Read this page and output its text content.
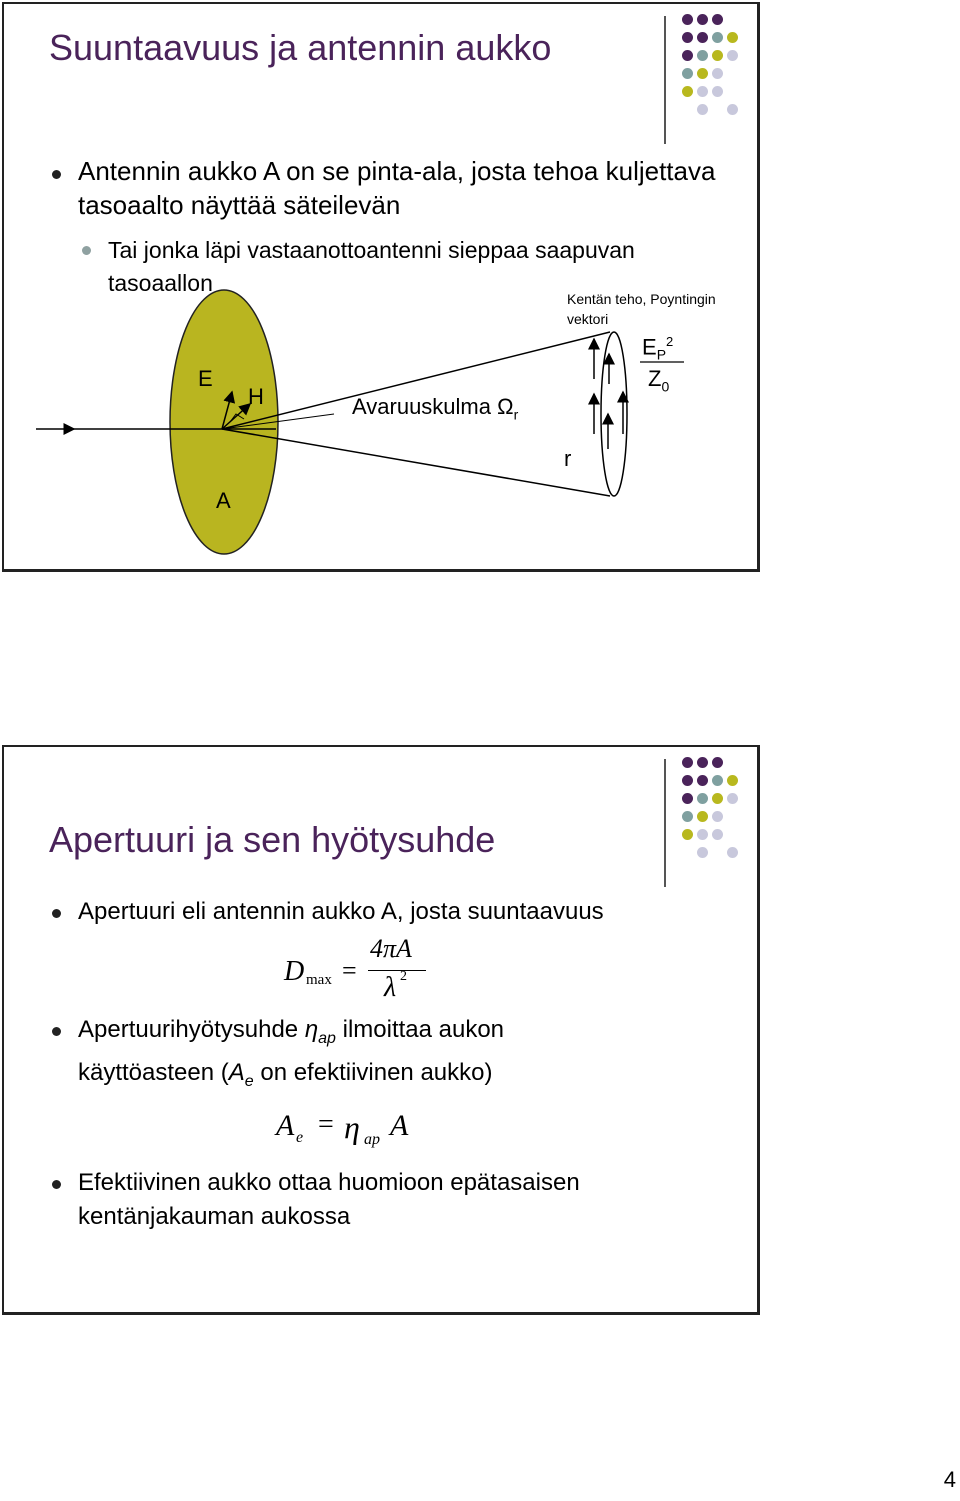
Suuntaavuus ja antennin aukko
Antennin aukko A on se pinta-ala, josta tehoa kuljettava tasoaalto näyttää säteilevän
Tai jonka läpi vastaanottoantenni sieppaa saapuvan tasoaallon
E
H
A
r
Avaruuskulma $\Omega_r$
Kentän teho, Poyntingin vektori
$E_P^2$
$Z_0$
Apertuuri ja sen hyötysuhde
Apertuuri eli antennin aukko A, josta suuntaavuus
D max =
4πA
λ 2
Apertuurihyötysuhde $\eta_{ap}$ ilmoittaa aukon
käyttöasteen ($A_e$ on efektiivinen aukko)
A e = η ap A
Efektiivinen aukko ottaa huomioon epätasaisen kentänjakauman aukossa
4
